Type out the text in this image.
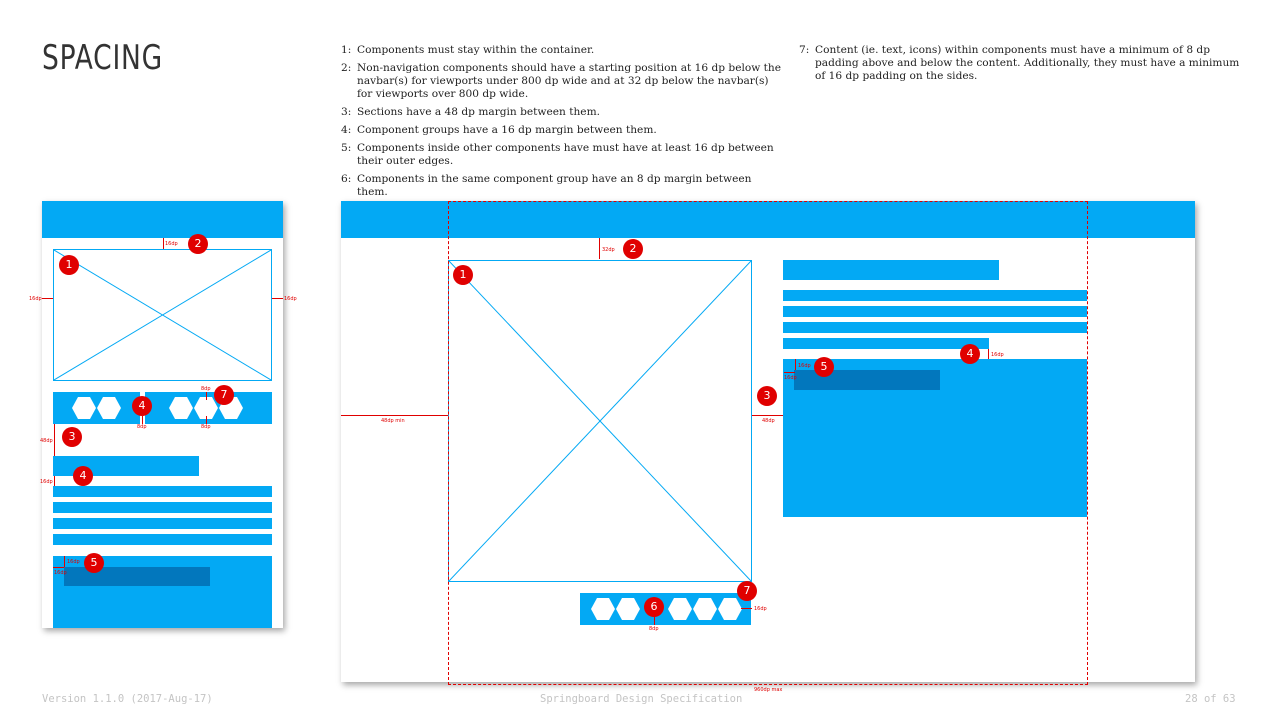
SPACING	1: Components must stay within the container.
2: Non-navigation components should have a starting position at 16 dp below the navbar(s) for viewports under 800 dp wide and at 32 dp below the navbar(s) for viewports over 800 dp wide.
3: Sections have a 48 dp margin between them.
4: Component groups have a 16 dp margin between them.
5: Components inside other components have must have at least 16 dp between their outer edges.
6: Components in the same component group have an 8 dp margin between them.
7: Content (ie. text, icons) within components must have a minimum of 8 dp padding above and below the content. Additionally, they must have a minimum of 16 dp padding on the sides.
1
2
16dp
16dp	16dp
7
8dp
4
8dp	8dp
3
48dp
4
16dp
5
16dp
16dp
960dp max
32dp	2
1
48dp min	48dp
3
4	16dp
5
16dp
16dp
7
16dp
6
8dp
Version 1.1.0 (2017-Aug-17)	Springboard Design Specification	28 of 63
